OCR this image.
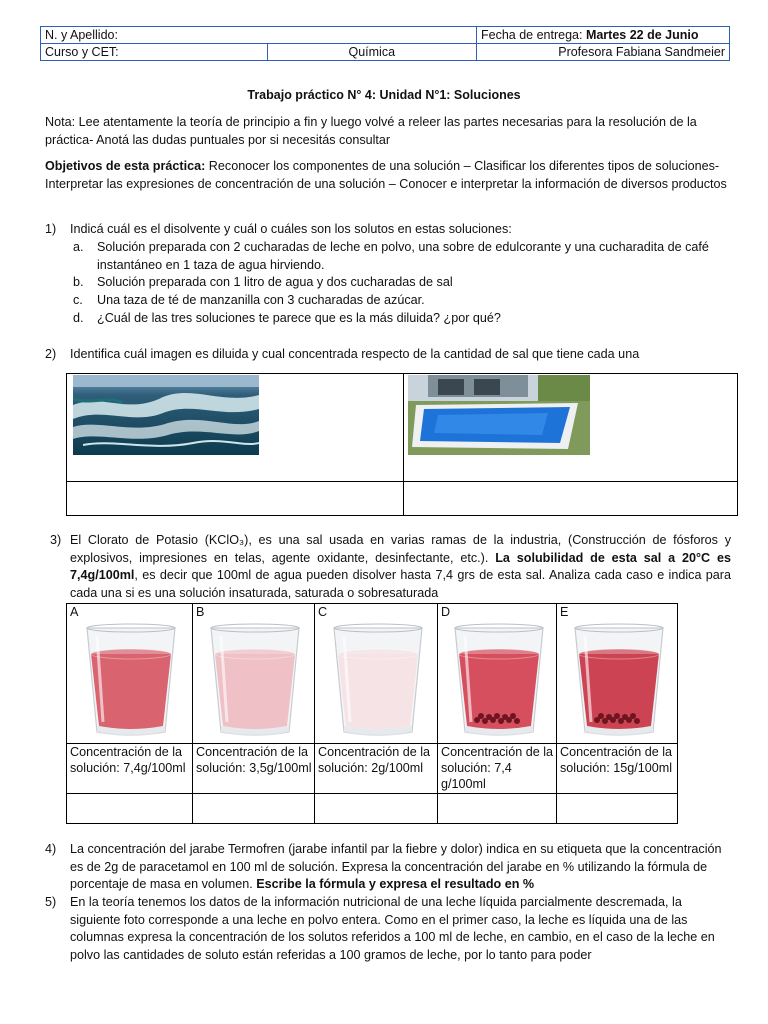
N. y Apellido:		Fecha de entrega: Martes 22 de Junio
Curso y CET:	Química	Profesora Fabiana Sandmeier
Trabajo práctico N° 4: Unidad N°1: Soluciones
Nota: Lee atentamente la teoría de principio a fin y luego volvé a releer las partes necesarias para la resolución de la práctica- Anotá las dudas puntuales por si necesitás consultar
Objetivos de esta práctica: Reconocer los componentes de una solución – Clasificar los diferentes tipos de soluciones- Interpretar las expresiones de concentración de una solución – Conocer e interpretar la información de diversos productos
1) Indicá cuál es el disolvente y cuál o cuáles son los solutos en estas soluciones:
a. Solución preparada con 2 cucharadas de leche en polvo, una sobre de edulcorante y una cucharadita de café instantáneo en 1 taza de agua hirviendo.
b. Solución preparada con 1 litro de agua y dos cucharadas de sal
c. Una taza de té de manzanilla con 3 cucharadas de azúcar.
d. ¿Cuál de las tres soluciones te parece que es la más diluida? ¿por qué?
2) Identifica cuál imagen es diluida y cual concentrada respecto de la cantidad de sal que tiene cada una

3) El Clorato de Potasio (KClO₃), es una sal usada en varias ramas de la industria, (Construcción de fósforos y explosivos, impresiones en telas, agente oxidante, desinfectante, etc.). La solubilidad de esta sal a 20°C es 7,4g/100ml, es decir que 100ml de agua pueden disolver hasta 7,4 grs de esta sal. Analiza cada caso e indica para cada una si es una solución insaturada, saturada o sobresaturada
A	B	C	D	E

Concentración de la solución: 7,4g/100ml	Concentración de la solución: 3,5g/100ml	Concentración de la solución: 2g/100ml	Concentración de la solución: 7,4 g/100ml	Concentración de la solución: 15g/100ml

4) La concentración del jarabe Termofren (jarabe infantil par la fiebre y dolor) indica en su etiqueta que la concentración es de 2g de paracetamol en 100 ml de solución. Expresa la concentración del jarabe en % utilizando la fórmula de porcentaje de masa en volumen. Escribe la fórmula y expresa el resultado en %
5) En la teoría tenemos los datos de la información nutricional de una leche líquida parcialmente descremada, la siguiente foto corresponde a una leche en polvo entera. Como en el primer caso, la leche es líquida una de las columnas expresa la concentración de los solutos referidos a 100 ml de leche, en cambio, en el caso de la leche en polvo las cantidades de soluto están referidas a 100 gramos de leche, por lo tanto para poder
